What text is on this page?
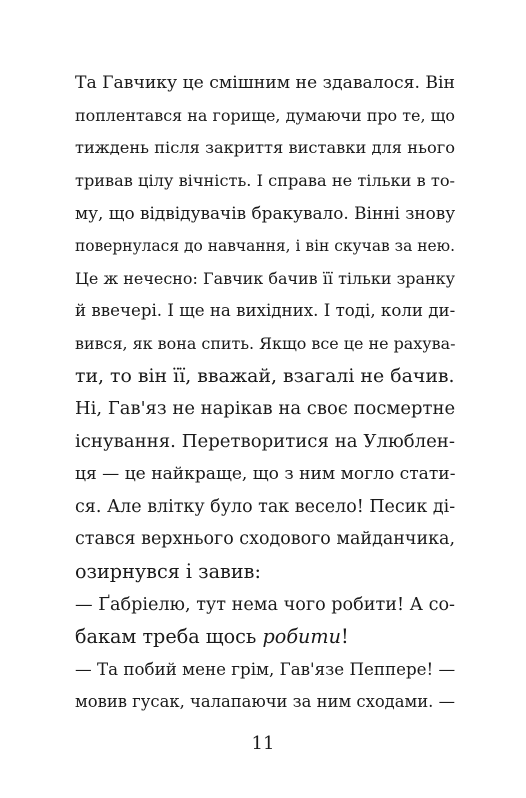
Та Гавчику це смішним не здавалося. Він
поплентався на горище, думаючи про те, що
тиждень після закриття виставки для нього
тривав цілу вічність. І справа не тільки в то-
му, що відвідувачів бракувало. Вінні знову
повернулася до навчання, і він скучав за нею.
Це ж нечесно: Гавчик бачив її тільки зранку
й ввечері. І ще на вихідних. І тоді, коли ди-
вився, як вона спить. Якщо все це не рахува-
ти, то він її, вважай, взагалі не бачив.
Ні, Гав'яз не нарікав на своє посмертне
існування. Перетворитися на Улюблен-
ця — це найкраще, що з ним могло стати-
ся. Але влітку було так весело! Песик ді-
стався верхнього сходового майданчика,
озирнувся і завив:
— Ґабріелю, тут нема чого робити! А со-
бакам треба щось робити!
— Та побий мене грім, Гав'язе Пеппере! —
мовив гусак, чалапаючи за ним сходами. —
11
